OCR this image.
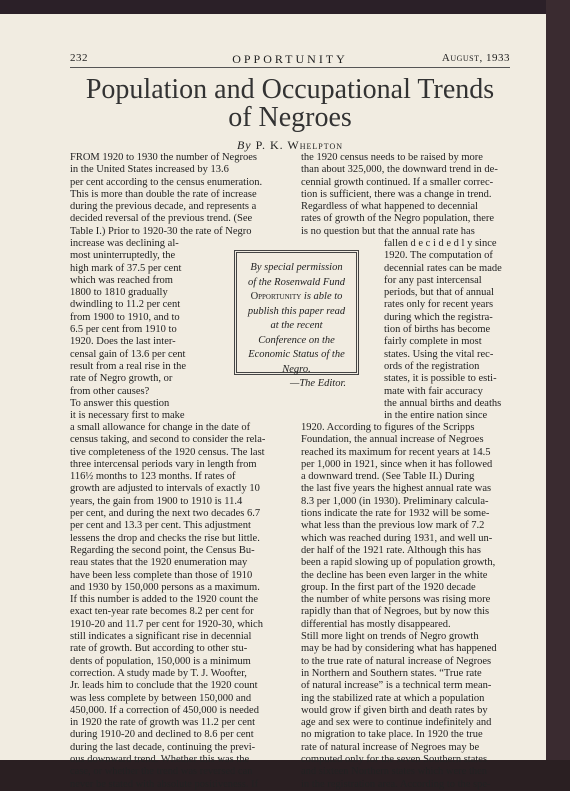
232	OPPORTUNITY	August, 1933
Population and Occupational Trends
of Negroes
By P. K. Whelpton
FROM 1920 to 1930 the number of Negroes
in the United States increased by 13.6
per cent according to the census enumeration.
This is more than double the rate of increase
during the previous decade, and represents a
decided reversal of the previous trend. (See
Table I.) Prior to 1920-30 the rate of Negro
increase was declining al-
most uninterruptedly, the
high mark of 37.5 per cent
which was reached from
1800 to 1810 gradually
dwindling to 11.2 per cent
from 1900 to 1910, and to
6.5 per cent from 1910 to
1920. Does the last inter-
censal gain of 13.6 per cent
result from a real rise in the
rate of Negro growth, or
from other causes?
To answer this question
it is necessary first to make
a small allowance for change in the date of
census taking, and second to consider the rela-
tive completeness of the 1920 census. The last
three intercensal periods vary in length from
116½ months to 123 months. If rates of
growth are adjusted to intervals of exactly 10
years, the gain from 1900 to 1910 is 11.4
per cent, and during the next two decades 6.7
per cent and 13.3 per cent. This adjustment
lessens the drop and checks the rise but little.
Regarding the second point, the Census Bu-
reau states that the 1920 enumeration may
have been less complete than those of 1910
and 1930 by 150,000 persons as a maximum.
If this number is added to the 1920 count the
exact ten-year rate becomes 8.2 per cent for
1910-20 and 11.7 per cent for 1920-30, which
still indicates a significant rise in decennial
rate of growth. But according to other stu-
dents of population, 150,000 is a minimum
correction. A study made by T. J. Woofter,
Jr. leads him to conclude that the 1920 count
was less complete by between 150,000 and
450,000. If a correction of 450,000 is needed
in 1920 the rate of growth was 11.2 per cent
during 1910-20 and declined to 8.6 per cent
during the last decade, continuing the previ-
ous downward trend. Whether this was the
case, or whether the trend was reversed can
never be stated with absolute positiveness. If
the 1920 census needs to be raised by more
than about 325,000, the downward trend in de-
cennial growth continued. If a smaller correc-
tion is sufficient, there was a change in trend.
Regardless of what happened to decennial
rates of growth of the Negro population, there
is no question but that the annual rate has
fallen d e c i d e d l y since
1920. The computation of
decennial rates can be made
for any past intercensal
periods, but that of annual
rates only for recent years
during which the registra-
tion of births has become
fairly complete in most
states. Using the vital rec-
ords of the registration
states, it is possible to esti-
mate with fair accuracy
the annual births and deaths
in the entire nation since
1920. According to figures of the Scripps
Foundation, the annual increase of Negroes
reached its maximum for recent years at 14.5
per 1,000 in 1921, since when it has followed
a downward trend. (See Table II.) During
the last five years the highest annual rate was
8.3 per 1,000 (in 1930). Preliminary calcula-
tions indicate the rate for 1932 will be some-
what less than the previous low mark of 7.2
which was reached during 1931, and well un-
der half of the 1921 rate. Although this has
been a rapid slowing up of population growth,
the decline has been even larger in the white
group. In the first part of the 1920 decade
the number of white persons was rising more
rapidly than that of Negroes, but by now this
differential has mostly disappeared.
Still more light on trends of Negro growth
may be had by considering what has happened
to the true rate of natural increase of Negroes
in Northern and Southern states. “True rate
of natural increase” is a technical term mean-
ing the stabilized rate at which a population
would grow if given birth and death rates by
age and sex were to continue indefinitely and
no migration to take place. In 1920 the true
rate of natural increase of Negroes may be
computed only for the seven Southern states
and sixteen Northern states which were then
in the registration area. According to the spe-
By special permission of the Rosenwald Fund Opportunity is able to publish this paper read at the recent Conference on the Economic Status of the Negro.
—The Editor.
